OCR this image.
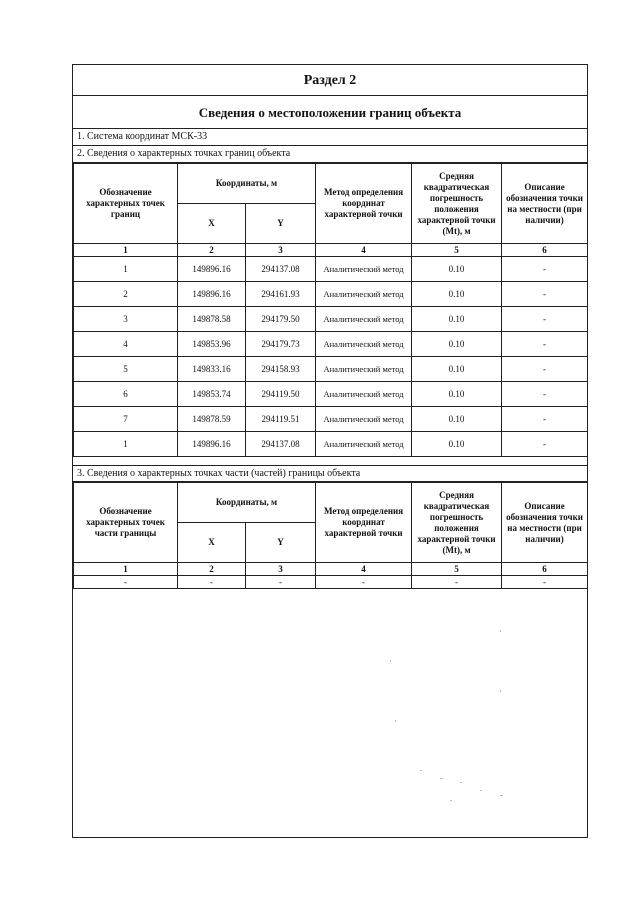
Раздел 2
Сведения о местоположении границ объекта
1. Система координат МСК-33
2. Сведения о характерных точках границ объекта
Обозначение характерных точек границ	Координаты, м		Метод определения координат характерной точки	Средняя квадратическая погрешность положения характерной точки (Mt), м	Описание обозначения точки на местности (при наличии)
	X	Y			
1	2	3	4	5	6
1	149896.16	294137.08	Аналитический метод	0.10	-
2	149896.16	294161.93	Аналитический метод	0.10	-
3	149878.58	294179.50	Аналитический метод	0.10	-
4	149853.96	294179.73	Аналитический метод	0.10	-
5	149833.16	294158.93	Аналитический метод	0.10	-
6	149853.74	294119.50	Аналитический метод	0.10	-
7	149878.59	294119.51	Аналитический метод	0.10	-
1	149896.16	294137.08	Аналитический метод	0.10	-
3. Сведения о характерных точках части (частей) границы объекта
Обозначение характерных точек части границы	Координаты, м		Метод определения координат характерной точки	Средняя квадратическая погрешность положения характерной точки (Mt), м	Описание обозначения точки на местности (при наличии)
	X	Y			
1	2	3	4	5	6
-	-	-	-	-	-
